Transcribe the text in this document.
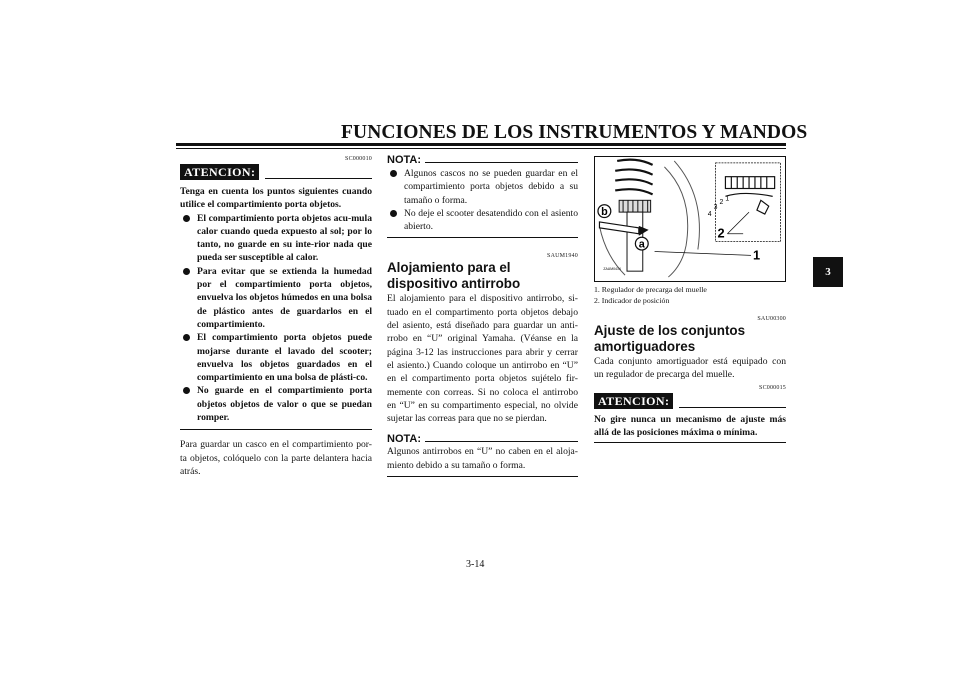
FUNCIONES DE LOS INSTRUMENTOS Y MANDOS
3
SC000010
ATENCION:
Tenga en cuenta los puntos siguientes cuando utilice el compartimiento porta objetos.
El compartimiento porta objetos acu-mula calor cuando queda expuesto al sol; por lo tanto, no guarde en su inte-rior nada que pueda ser susceptible al calor.
Para evitar que se extienda la humedad por el compartimiento porta objetos, envuelva los objetos húmedos en una bolsa de plástico antes de guardarlos en el compartimiento.
El compartimiento porta objetos puede mojarse durante el lavado del scooter; envuelva los objetos guardados en el compartimiento en una bolsa de plásti-co.
No guarde en el compartimiento porta objetos objetos de valor o que se puedan romper.
Para guardar un casco en el compartimiento por-ta objetos, colóquelo con la parte delantera hacia atrás.
NOTA:
Algunos cascos no se pueden guardar en el compartimiento porta objetos debido a su tamaño o forma.
No deje el scooter desatendido con el asiento abierto.
SAUM1940
Alojamiento para el dispositivo antirrobo
El alojamiento para el dispositivo antirrobo, si-tuado en el compartimento porta objetos debajo del asiento, está diseñado para guardar un anti-rrobo en “U” original Yamaha. (Véanse en la página 3-12 las instrucciones para abrir y cerrar el asiento.) Cuando coloque un antirrobo en “U” en el compartimento porta objetos sujételo fir-memente con correas. Si no coloca el antirrobo en “U” en su compartimento especial, no olvide sujetar las correas para que no se pierdan.
NOTA:
Algunos antirrobos en “U” no caben en el aloja-miento debido a su tamaño o forma.
b
a
2
1
4
3
2
1
ZAUM0414
1. Regulador de precarga del muelle
2. Indicador de posición
SAU00300
Ajuste de los conjuntos amortiguadores
Cada conjunto amortiguador está equipado con un regulador de precarga del muelle.
SC000015
ATENCION:
No gire nunca un mecanismo de ajuste más allá de las posiciones máxima o mínima.
3-14
